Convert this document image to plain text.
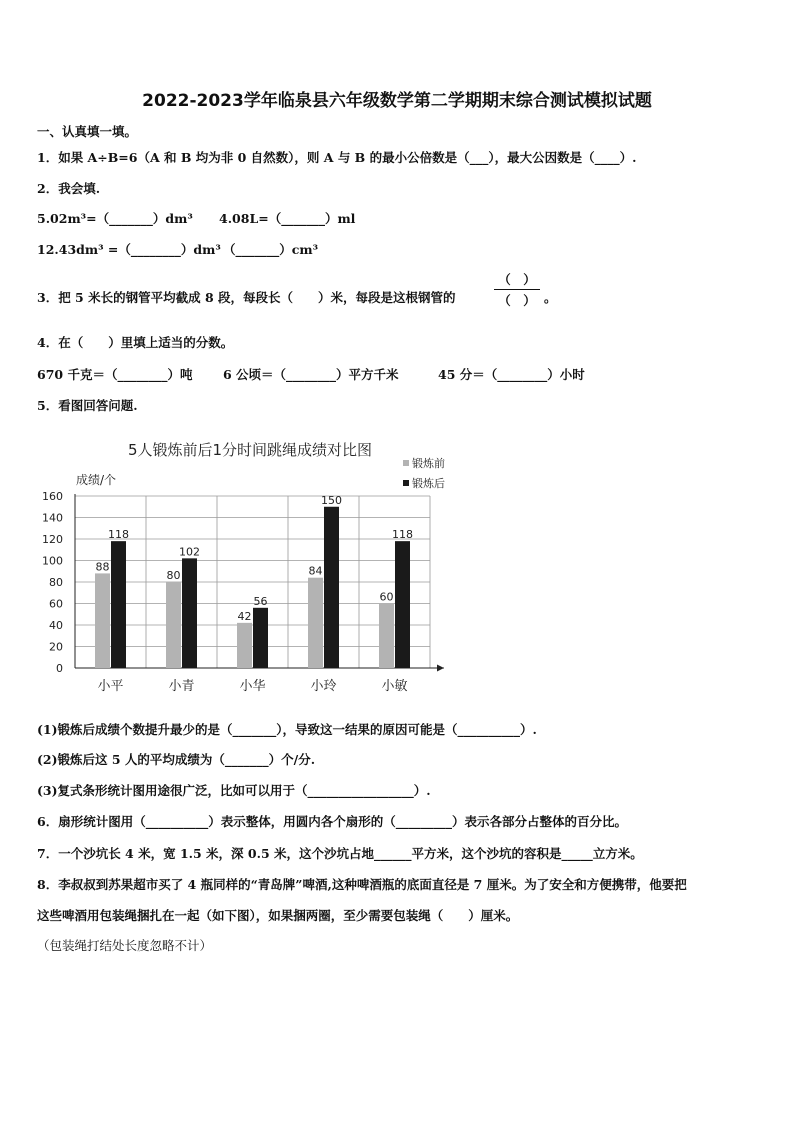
2022-2023学年临泉县六年级数学第二学期期末综合测试模拟试题
一、认真填一填。
1．如果 A÷B=6（A 和 B 均为非 0 自然数），则 A 与 B 的最小公倍数是（___），最大公因数是（____）.
2．我会填.
5.02m³=（_______）dm³ 4.08L=（_______）ml
12.43dm³ =（________）dm³ （_______）cm³
3．把 5 米长的钢管平均截成 8 段，每段长（　　）米，每段是这根钢管的
（　）
（　） 。
4．在（　　）里填上适当的分数。
670 千克＝（________）吨 6 公顷＝（________）平方千米	45 分＝（________）小时
5．看图回答问题.
5人锻炼前后1分时间跳绳成绩对比图
成绩/个
0
20
40
60
80
100
120
140
160
88
118
小平
80
102
小青
42
56
小华
84
150
小玲
60
118
小敏
锻炼前
锻炼后
(1)锻炼后成绩个数提升最少的是（_______），导致这一结果的原因可能是（__________）.
(2)锻炼后这 5 人的平均成绩为（_______）个/分.
(3)复式条形统计图用途很广泛，比如可以用于（_________________）.
6．扇形统计图用（__________）表示整体，用圆内各个扇形的（_________）表示各部分占整体的百分比。
7．一个沙坑长 4 米，宽 1.5 米，深 0.5 米，这个沙坑占地______平方米，这个沙坑的容积是_____立方米。
8．李叔叔到苏果超市买了 4 瓶同样的“青岛牌”啤酒,这种啤酒瓶的底面直径是 7 厘米。为了安全和方便携带，他要把
这些啤酒用包装绳捆扎在一起（如下图），如果捆两圈，至少需要包装绳（　　）厘米。
（包装绳打结处长度忽略不计）
